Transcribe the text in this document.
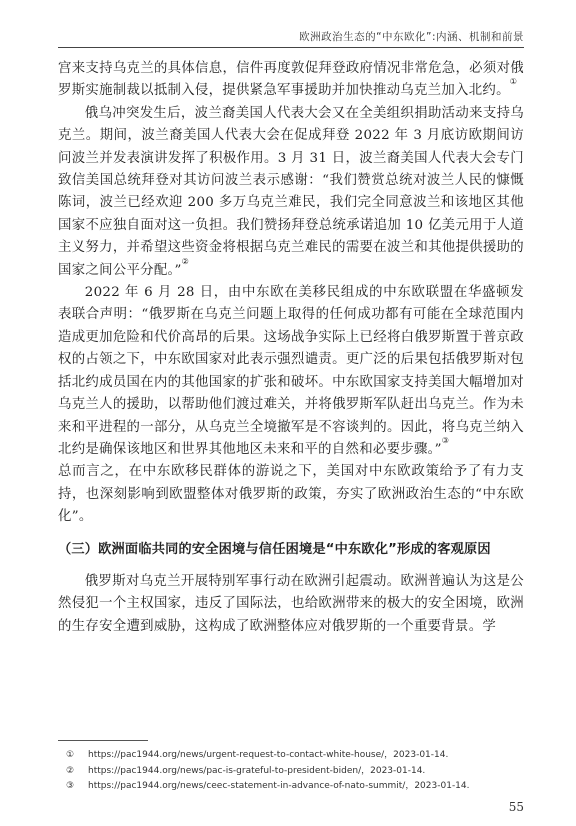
欧洲政治生态的“中东欧化”:内涵、机制和前景

宫来支持乌克兰的具体信息，信件再度敦促拜登政府情况非常危急，必须对俄罗斯实施制裁以抵制入侵，提供紧急军事援助并加快推动乌克兰加入北约。①

俄乌冲突发生后，波兰裔美国人代表大会又在全美组织捐助活动来支持乌克兰。期间，波兰裔美国人代表大会在促成拜登 2022 年 3 月底访欧期间访问波兰并发表演讲发挥了积极作用。3 月 31 日，波兰裔美国人代表大会专门致信美国总统拜登对其访问波兰表示感谢：“我们赞赏总统对波兰人民的慷慨陈词，波兰已经欢迎 200 多万乌克兰难民，我们完全同意波兰和该地区其他国家不应独自面对这一负担。我们赞扬拜登总统承诺追加 10 亿美元用于人道主义努力，并希望这些资金将根据乌克兰难民的需要在波兰和其他提供援助的国家之间公平分配。”②

2022 年 6 月 28 日，由中东欧在美移民组成的中东欧联盟在华盛顿发表联合声明：“俄罗斯在乌克兰问题上取得的任何成功都有可能在全球范围内造成更加危险和代价高昂的后果。这场战争实际上已经将白俄罗斯置于普京政权的占领之下，中东欧国家对此表示强烈谴责。更广泛的后果包括俄罗斯对包括北约成员国在内的其他国家的扩张和破坏。中东欧国家支持美国大幅增加对乌克兰人的援助，以帮助他们渡过难关，并将俄罗斯军队赶出乌克兰。作为未来和平进程的一部分，从乌克兰全境撤军是不容谈判的。因此，将乌克兰纳入北约是确保该地区和世界其他地区未来和平的自然和必要步骤。”③

总而言之，在中东欧移民群体的游说之下，美国对中东欧政策给予了有力支持，也深刻影响到欧盟整体对俄罗斯的政策，夯实了欧洲政治生态的“中东欧化”。

（三）欧洲面临共同的安全困境与信任困境是“中东欧化”形成的客观原因

俄罗斯对乌克兰开展特别军事行动在欧洲引起震动。欧洲普遍认为这是公然侵犯一个主权国家，违反了国际法，也给欧洲带来的极大的安全困境，欧洲的生存安全遭到威胁，这构成了欧洲整体应对俄罗斯的一个重要背景。学

①	https://pac1944.org/news/urgent-request-to-contact-white-house/，2023-01-14.
②	https://pac1944.org/news/pac-is-grateful-to-president-biden/，2023-01-14.
③	https://pac1944.org/news/ceec-statement-in-advance-of-nato-summit/，2023-01-14.
55
